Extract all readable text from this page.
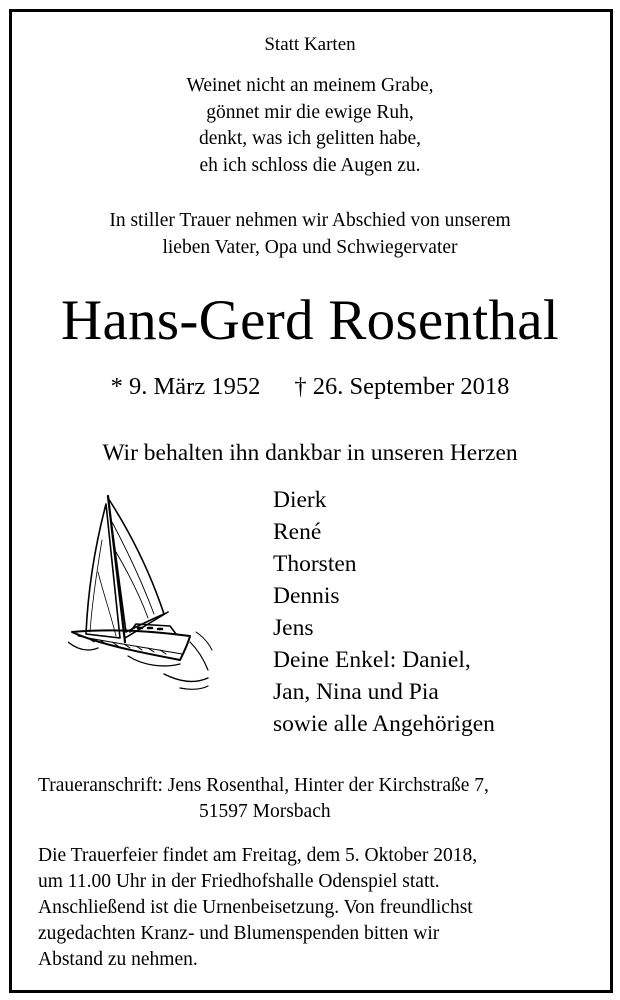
Statt Karten
Weinet nicht an meinem Grabe,
gönnet mir die ewige Ruh,
denkt, was ich gelitten habe,
eh ich schloss die Augen zu.
In stiller Trauer nehmen wir Abschied von unserem
lieben Vater, Opa und Schwiegervater
Hans-Gerd Rosenthal
* 9. März 1952 † 26. September 2018
Wir behalten ihn dankbar in unseren Herzen
Dierk
René
Thorsten
Dennis
Jens
Deine Enkel: Daniel,
Jan, Nina und Pia
sowie alle Angehörigen
Traueranschrift: Jens Rosenthal, Hinter der Kirchstraße 7,
51597 Morsbach
Die Trauerfeier findet am Freitag, dem 5. Oktober 2018,
um 11.00 Uhr in der Friedhofshalle Odenspiel statt.
Anschließend ist die Urnenbeisetzung. Von freundlichst
zugedachten Kranz- und Blumenspenden bitten wir
Abstand zu nehmen.
